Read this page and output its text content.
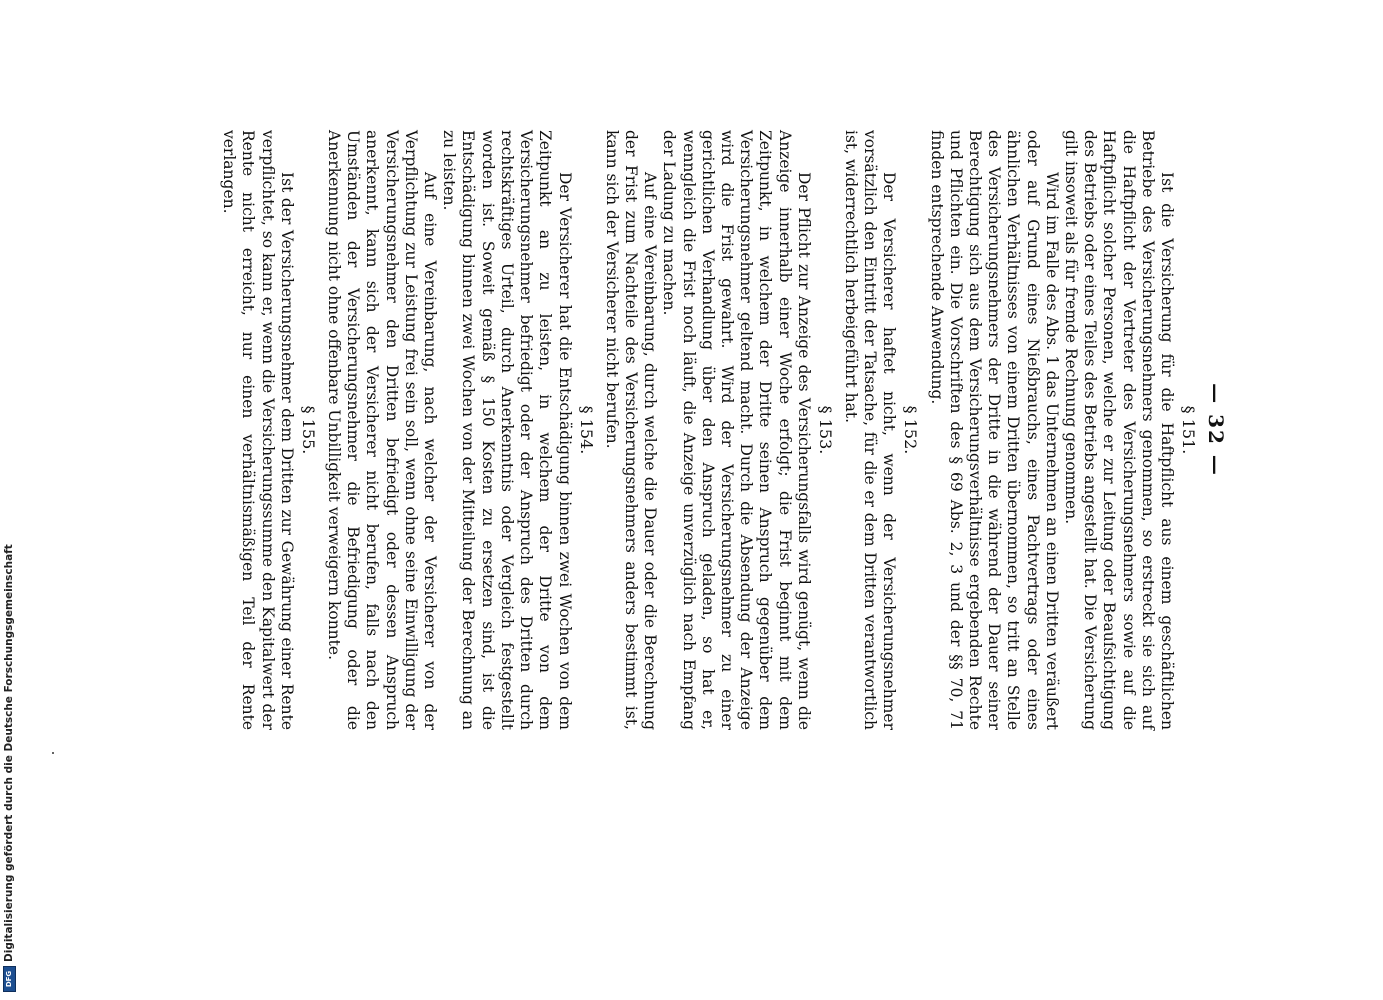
— 32 —
§ 151.

Ist die Versicherung für die Haftpflicht aus einem geschäftlichen Betriebe des Versicherungsnehmers genommen, so erstreckt sie sich auf die Haftpflicht der Vertreter des Versicherungsnehmers sowie auf die Haftpflicht solcher Personen, welche er zur Leitung oder Beaufsichtigung des Betriebs oder eines Teiles des Betriebs angestellt hat. Die Versicherung gilt insoweit als für fremde Rechnung genommen.

Wird im Falle des Abs. 1 das Unternehmen an einen Dritten veräußert oder auf Grund eines Nießbrauchs, eines Pachtvertrags oder eines ähnlichen Verhältnisses von einem Dritten übernommen, so tritt an Stelle des Versicherungsnehmers der Dritte in die während der Dauer seiner Berechtigung sich aus dem Versicherungsverhältnisse ergebenden Rechte und Pflichten ein. Die Vorschriften des § 69 Abs. 2, 3 und der §§ 70, 71 finden entsprechende Anwendung.

§ 152.

Der Versicherer haftet nicht, wenn der Versicherungsnehmer vorsätzlich den Eintritt der Tatsache, für die er dem Dritten verantwortlich ist, widerrechtlich herbeigeführt hat.

§ 153.

Der Pflicht zur Anzeige des Versicherungsfalls wird genügt, wenn die Anzeige innerhalb einer Woche erfolgt; die Frist beginnt mit dem Zeitpunkt, in welchem der Dritte seinen Anspruch gegenüber dem Versicherungsnehmer geltend macht. Durch die Absendung der Anzeige wird die Frist gewahrt. Wird der Versicherungsnehmer zu einer gerichtlichen Verhandlung über den Anspruch geladen, so hat er, wenngleich die Frist noch läuft, die Anzeige unverzüglich nach Empfang der Ladung zu machen.

Auf eine Vereinbarung, durch welche die Dauer oder die Berechnung der Frist zum Nachteile des Versicherungsnehmers anders bestimmt ist, kann sich der Versicherer nicht berufen.

§ 154.

Der Versicherer hat die Entschädigung binnen zwei Wochen von dem Zeitpunkt an zu leisten, in welchem der Dritte von dem Versicherungsnehmer befriedigt oder der Anspruch des Dritten durch rechtskräftiges Urteil, durch Anerkenntnis oder Vergleich festgestellt worden ist. Soweit gemäß § 150 Kosten zu ersetzen sind, ist die Entschädigung binnen zwei Wochen von der Mitteilung der Berechnung an zu leisten.

Auf eine Vereinbarung, nach welcher der Versicherer von der Verpflichtung zur Leistung frei sein soll, wenn ohne seine Einwilligung der Versicherungsnehmer den Dritten befriedigt oder dessen Anspruch anerkennt, kann sich der Versicherer nicht berufen, falls nach den Umständen der Versicherungsnehmer die Befriedigung oder die Anerkennung nicht ohne offenbare Unbilligkeit verweigern konnte.

§ 155.

Ist der Versicherungsnehmer dem Dritten zur Gewährung einer Rente verpflichtet, so kann er, wenn die Versicherungssumme den Kapitalwert der Rente nicht erreicht, nur einen verhältnismäßigen Teil der Rente verlangen.

DFGDigitalisierung gefördert durch die Deutsche Forschungsgemeinschaft
